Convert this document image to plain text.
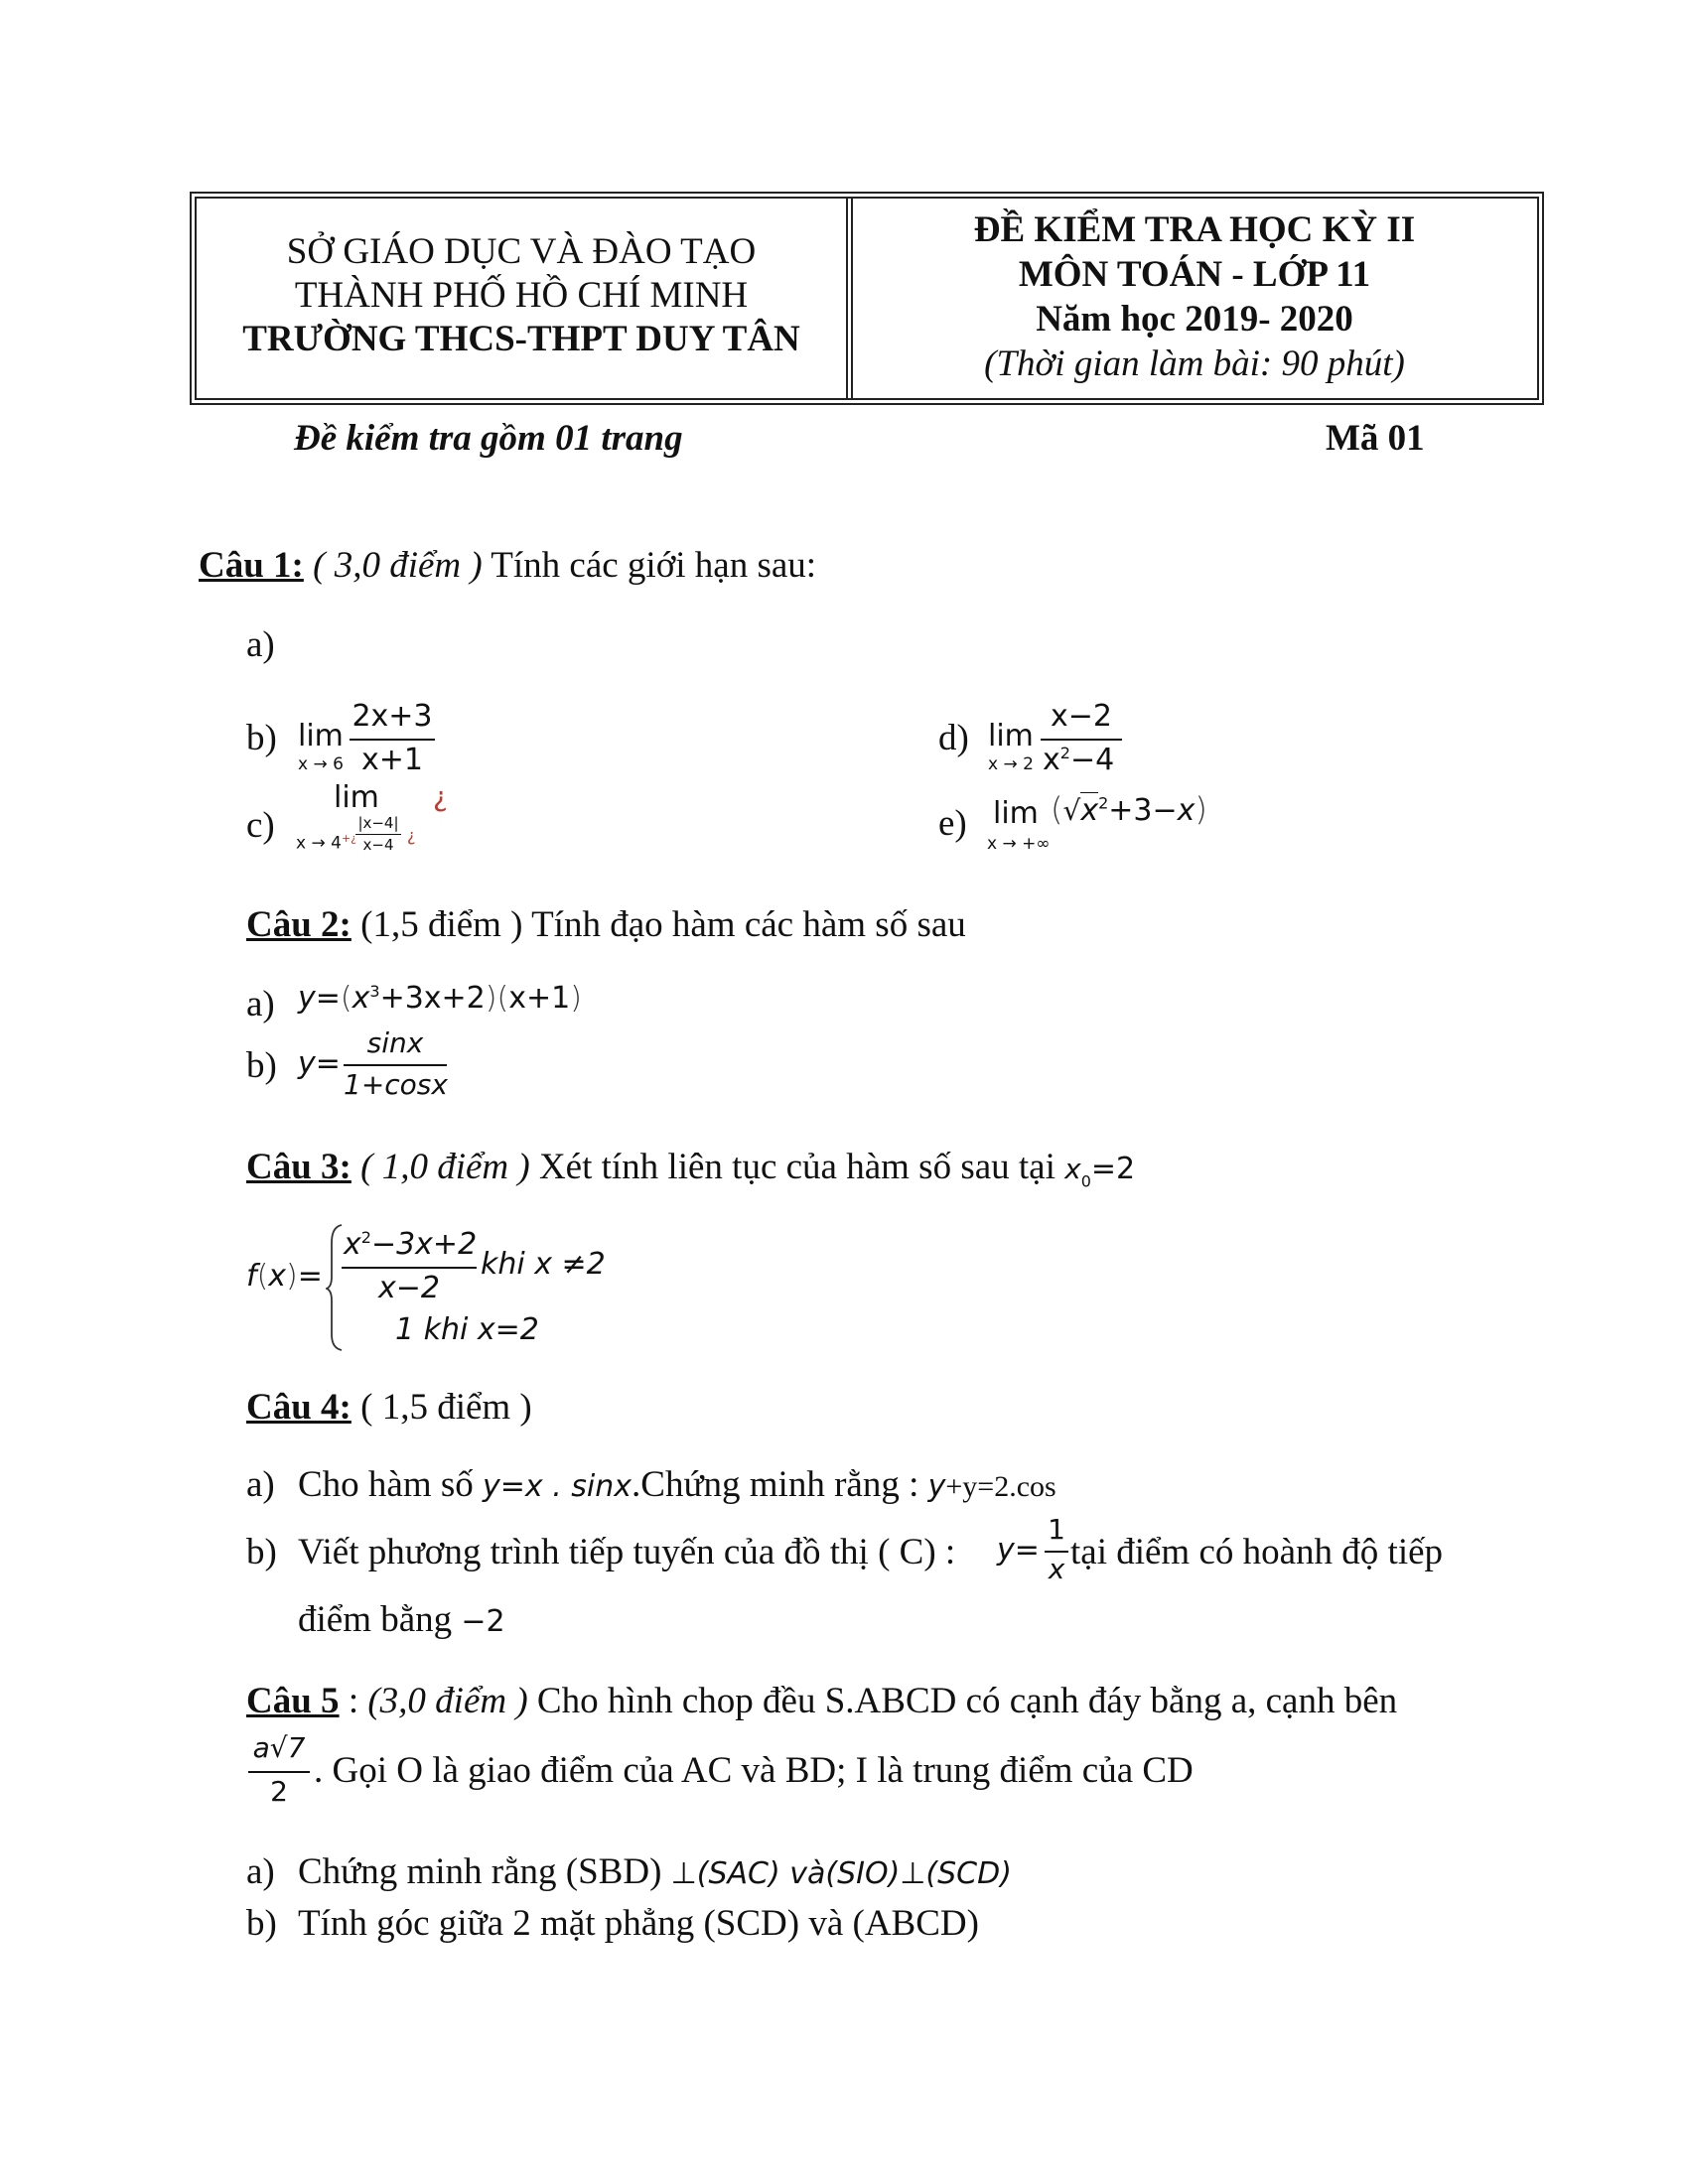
SỞ GIÁO DỤC VÀ ĐÀO TẠO
THÀNH PHỐ HỒ CHÍ MINH
TRƯỜNG THCS-THPT DUY TÂN
ĐỀ KIỂM TRA HỌC KỲ II
MÔN TOÁN - LỚP 11
Năm học 2019- 2020
(Thời gian làm bài: 90 phút)
Đề kiểm tra gồm 01 trang	Mã 01
Câu 1: ( 3,0 điểm ) Tính các giới hạn sau:
a)
b) lim
x → 6
2x+3
x+1
d) lim
x → 2
x−2
$x^2-4$
c)
lim ¿
x → 4+¿
|x−4|
x−4 ¿	e) lim
x → +∞
$(√x^2+3-x)$
Câu 2: (1,5 điểm ) Tính đạo hàm các hàm số sau
a) $y=(x^3+3x+2)(x+1)$
b) y=
sinx
1+cosx
Câu 3: ( 1,0 điểm ) Xét tính liên tục của hàm số sau tại $x_0=2$
f(x)=
$x^2-3x+2$
x−2
khi x ≠2
1 khi x=2
Câu 4: ( 1,5 điểm )
a) Cho hàm số y=x . sinx.Chứng minh rằng : y+y=2.cos
b) Viết phương trình tiếp tuyến của đồ thị ( C) : y=
1
x tại điểm có hoành độ tiếp
điểm bằng −2
Câu 5 : (3,0 điểm ) Cho hình chop đều S.ABCD có cạnh đáy bằng a, cạnh bên
a√7
2
. Gọi O là giao điểm của AC và BD; I là trung điểm của CD
a) Chứng minh rằng (SBD) ⊥(SAC) và(SIO)⊥(SCD)
b) Tính góc giữa 2 mặt phẳng (SCD) và (ABCD)
